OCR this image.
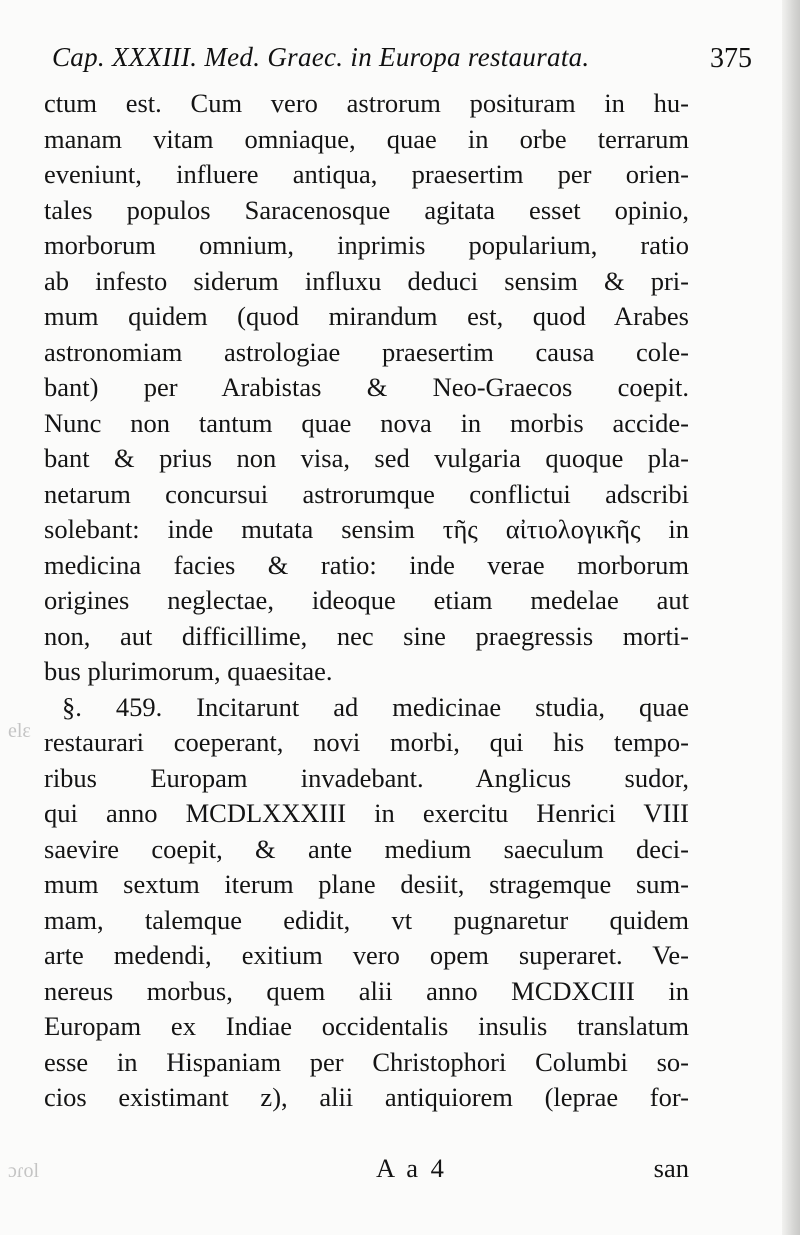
Cap. XXXIII. Med. Graec. in Europa restaurata.	375
ctum est. Cum vero astrorum posituram in hu-
manam vitam omniaque, quae in orbe terrarum
eveniunt, influere antiqua, praesertim per orien-
tales populos Saracenosque agitata esset opinio,
morborum omnium, inprimis popularium, ratio
ab infesto siderum influxu deduci sensim & pri-
mum quidem (quod mirandum est, quod Arabes
astronomiam astrologiae praesertim causa cole-
bant) per Arabistas & Neo-Graecos coepit.
Nunc non tantum quae nova in morbis accide-
bant & prius non visa, sed vulgaria quoque pla-
netarum concursui astrorumque conflictui adscribi
solebant: inde mutata sensim τῆς αἰτιολογικῆς in
medicina facies & ratio: inde verae morborum
origines neglectae, ideoque etiam medelae aut
non, aut difficillime, nec sine praegressis morti-
bus plurimorum, quaesitae.
§. 459. Incitarunt ad medicinae studia, quae
restaurari coeperant, novi morbi, qui his tempo-
ribus Europam invadebant. Anglicus sudor,
qui anno MCDLXXXIII in exercitu Henrici VIII
saevire coepit, & ante medium saeculum deci-
mum sextum iterum plane desiit, stragemque sum-
mam, talemque edidit, vt pugnaretur quidem
arte medendi, exitium vero opem superaret. Ve-
nereus morbus, quem alii anno MCDXCIII in
Europam ex Indiae occidentalis insulis translatum
esse in Hispaniam per Christophori Columbi so-
cios existimant z), alii antiquiorem (leprae for-
elε
ɔɾol	A a 4	san
